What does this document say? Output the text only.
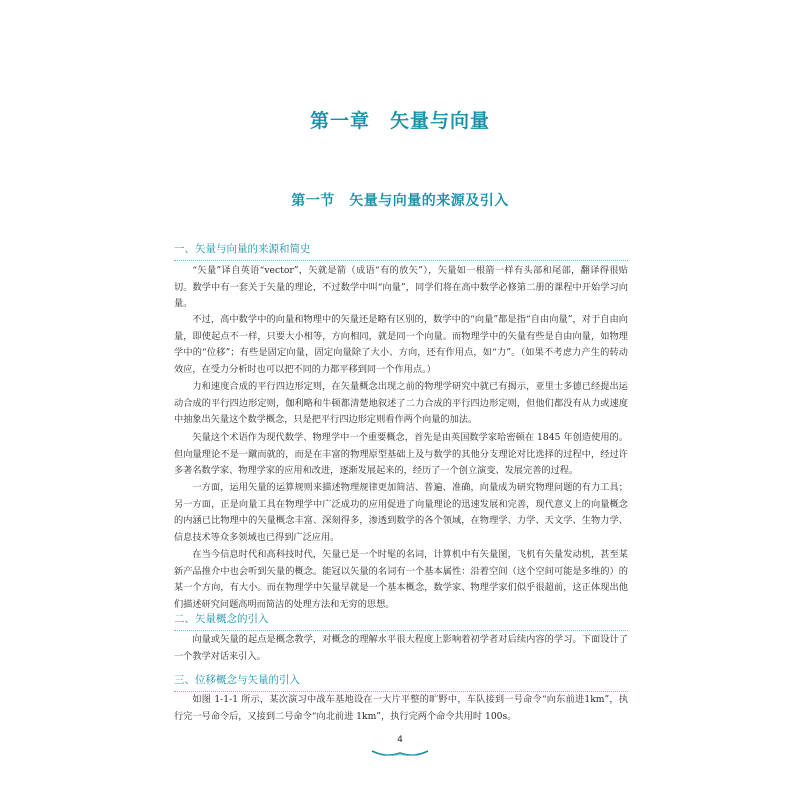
第一章　矢量与向量
第一节　矢量与向量的来源及引入
一、矢量与向量的来源和简史

“矢量”译自英语“vector”，矢就是箭（成语“有的放矢”），矢量如一根箭一样有头部和尾部，翻译得很贴切。数学中有一套关于矢量的理论，不过数学中叫“向量”，同学们将在高中数学必修第二册的课程中开始学习向量。

不过，高中数学中的向量和物理中的矢量还是略有区别的，数学中的“向量”都是指“自由向量”，对于自由向量，即使起点不一样，只要大小相等，方向相同，就是同一个向量。而物理学中的矢量有些是自由向量，如物理学中的“位移”；有些是固定向量，固定向量除了大小、方向，还有作用点，如“力”。（如果不考虑力产生的转动效应，在受力分析时也可以把不同的力都平移到同一个作用点。）

力和速度合成的平行四边形定则，在矢量概念出现之前的物理学研究中就已有揭示，亚里士多德已经提出运动合成的平行四边形定则，伽利略和牛顿都清楚地叙述了二力合成的平行四边形定则，但他们都没有从力或速度中抽象出矢量这个数学概念，只是把平行四边形定则看作两个向量的加法。

矢量这个术语作为现代数学、物理学中一个重要概念，首先是由英国数学家哈密顿在 1845 年创造使用的。但向量理论不是一蹴而就的，而是在丰富的物理原型基础上及与数学的其他分支理论对比选择的过程中，经过许多著名数学家、物理学家的应用和改进，逐渐发展起来的，经历了一个创立演变、发展完善的过程。

一方面，运用矢量的运算规则来描述物理规律更加简洁、普遍、准确，向量成为研究物理问题的有力工具；另一方面，正是向量工具在物理学中广泛成功的应用促进了向量理论的迅速发展和完善，现代意义上的向量概念的内涵已比物理中的矢量概念丰富、深刻得多，渗透到数学的各个领域，在物理学、力学、天文学、生物力学、信息技术等众多领域也已得到广泛应用。

在当今信息时代和高科技时代，矢量已是一个时髦的名词，计算机中有矢量图，飞机有矢量发动机，甚至某新产品推介中也会听到矢量的概念。能冠以矢量的名词有一个基本属性：沿着空间（这个空间可能是多维的）的某一个方向，有大小。而在物理学中矢量早就是一个基本概念，数学家、物理学家们似乎很超前，这正体现出他们描述研究问题高明而简洁的处理方法和无穷的思想。

二、矢量概念的引入

向量或矢量的起点是概念教学，对概念的理解水平很大程度上影响着初学者对后续内容的学习。下面设计了一个教学对话来引入。

三、位移概念与矢量的引入

如图 1-1-1 所示，某次演习中战车基地设在一大片平整的旷野中，车队接到一号命令“向东前进1km”，执行完一号命令后，又接到二号命令“向北前进 1km”，执行完两个命令共用时 100s。

4
